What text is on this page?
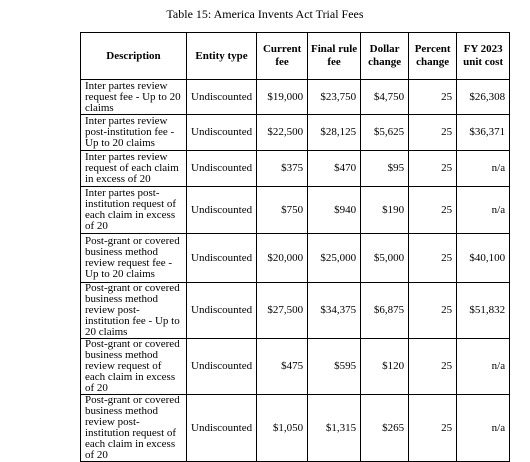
Table 15: America Invents Act Trial Fees
Description	Entity type	Current fee	Final rule fee	Dollar change	Percent change	FY 2023 unit cost
Inter partes review request fee - Up to 20 claims	Undiscounted	$19,000	$23,750	$4,750	25	$26,308
Inter partes review post-institution fee - Up to 20 claims	Undiscounted	$22,500	$28,125	$5,625	25	$36,371
Inter partes review request of each claim in excess of 20	Undiscounted	$375	$470	$95	25	n/a
Inter partes post-institution request of each claim in excess of 20	Undiscounted	$750	$940	$190	25	n/a
Post-grant or covered business method review request fee - Up to 20 claims	Undiscounted	$20,000	$25,000	$5,000	25	$40,100
Post-grant or covered business method review post-institution fee - Up to 20 claims	Undiscounted	$27,500	$34,375	$6,875	25	$51,832
Post-grant or covered business method review request of each claim in excess of 20	Undiscounted	$475	$595	$120	25	n/a
Post-grant or covered business method review post-institution request of each claim in excess of 20	Undiscounted	$1,050	$1,315	$265	25	n/a
